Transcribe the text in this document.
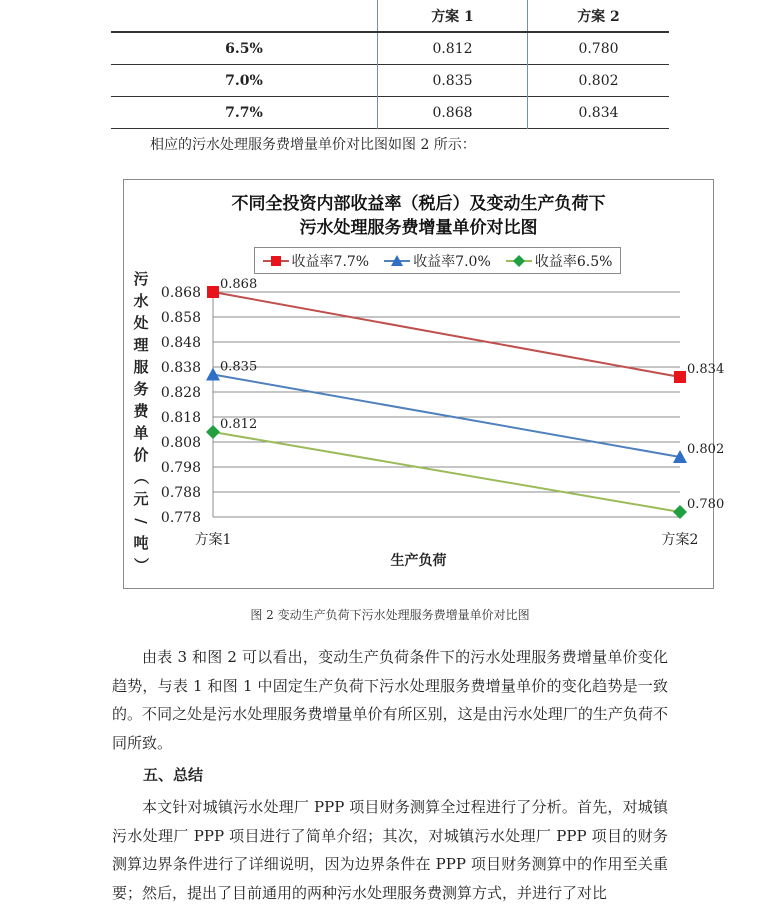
	方案 1	方案 2
6.5%	0.812	0.780
7.0%	0.835	0.802
7.7%	0.868	0.834
相应的污水处理服务费增量单价对比图如图 2 所示：
不同全投资内部收益率（税后）及变动生产负荷下
污水处理服务费增量单价对比图
收益率7.7%	收益率7.0%	收益率6.5%
污
水
处
理
服
务
费
单
价
（
元
/
吨
）	生产负荷
0.868
0.858
0.848
0.838
0.828
0.818
0.808
0.798
0.788
0.778
方案1	方案2
0.868
0.834
0.835
0.802
0.812
0.780
图 2 变动生产负荷下污水处理服务费增量单价对比图

由表 3 和图 2 可以看出，变动生产负荷条件下的污水处理服务费增量单价变化趋势，与表 1 和图 1 中固定生产负荷下污水处理服务费增量单价的变化趋势是一致的。不同之处是污水处理服务费增量单价有所区别，这是由污水处理厂的生产负荷不同所致。

五、总结

本文针对城镇污水处理厂 PPP 项目财务测算全过程进行了分析。首先，对城镇污水处理厂 PPP 项目进行了简单介绍；其次，对城镇污水处理厂 PPP 项目的财务测算边界条件进行了详细说明，因为边界条件在 PPP 项目财务测算中的作用至关重要；然后，提出了目前通用的两种污水处理服务费测算方式，并进行了对比
